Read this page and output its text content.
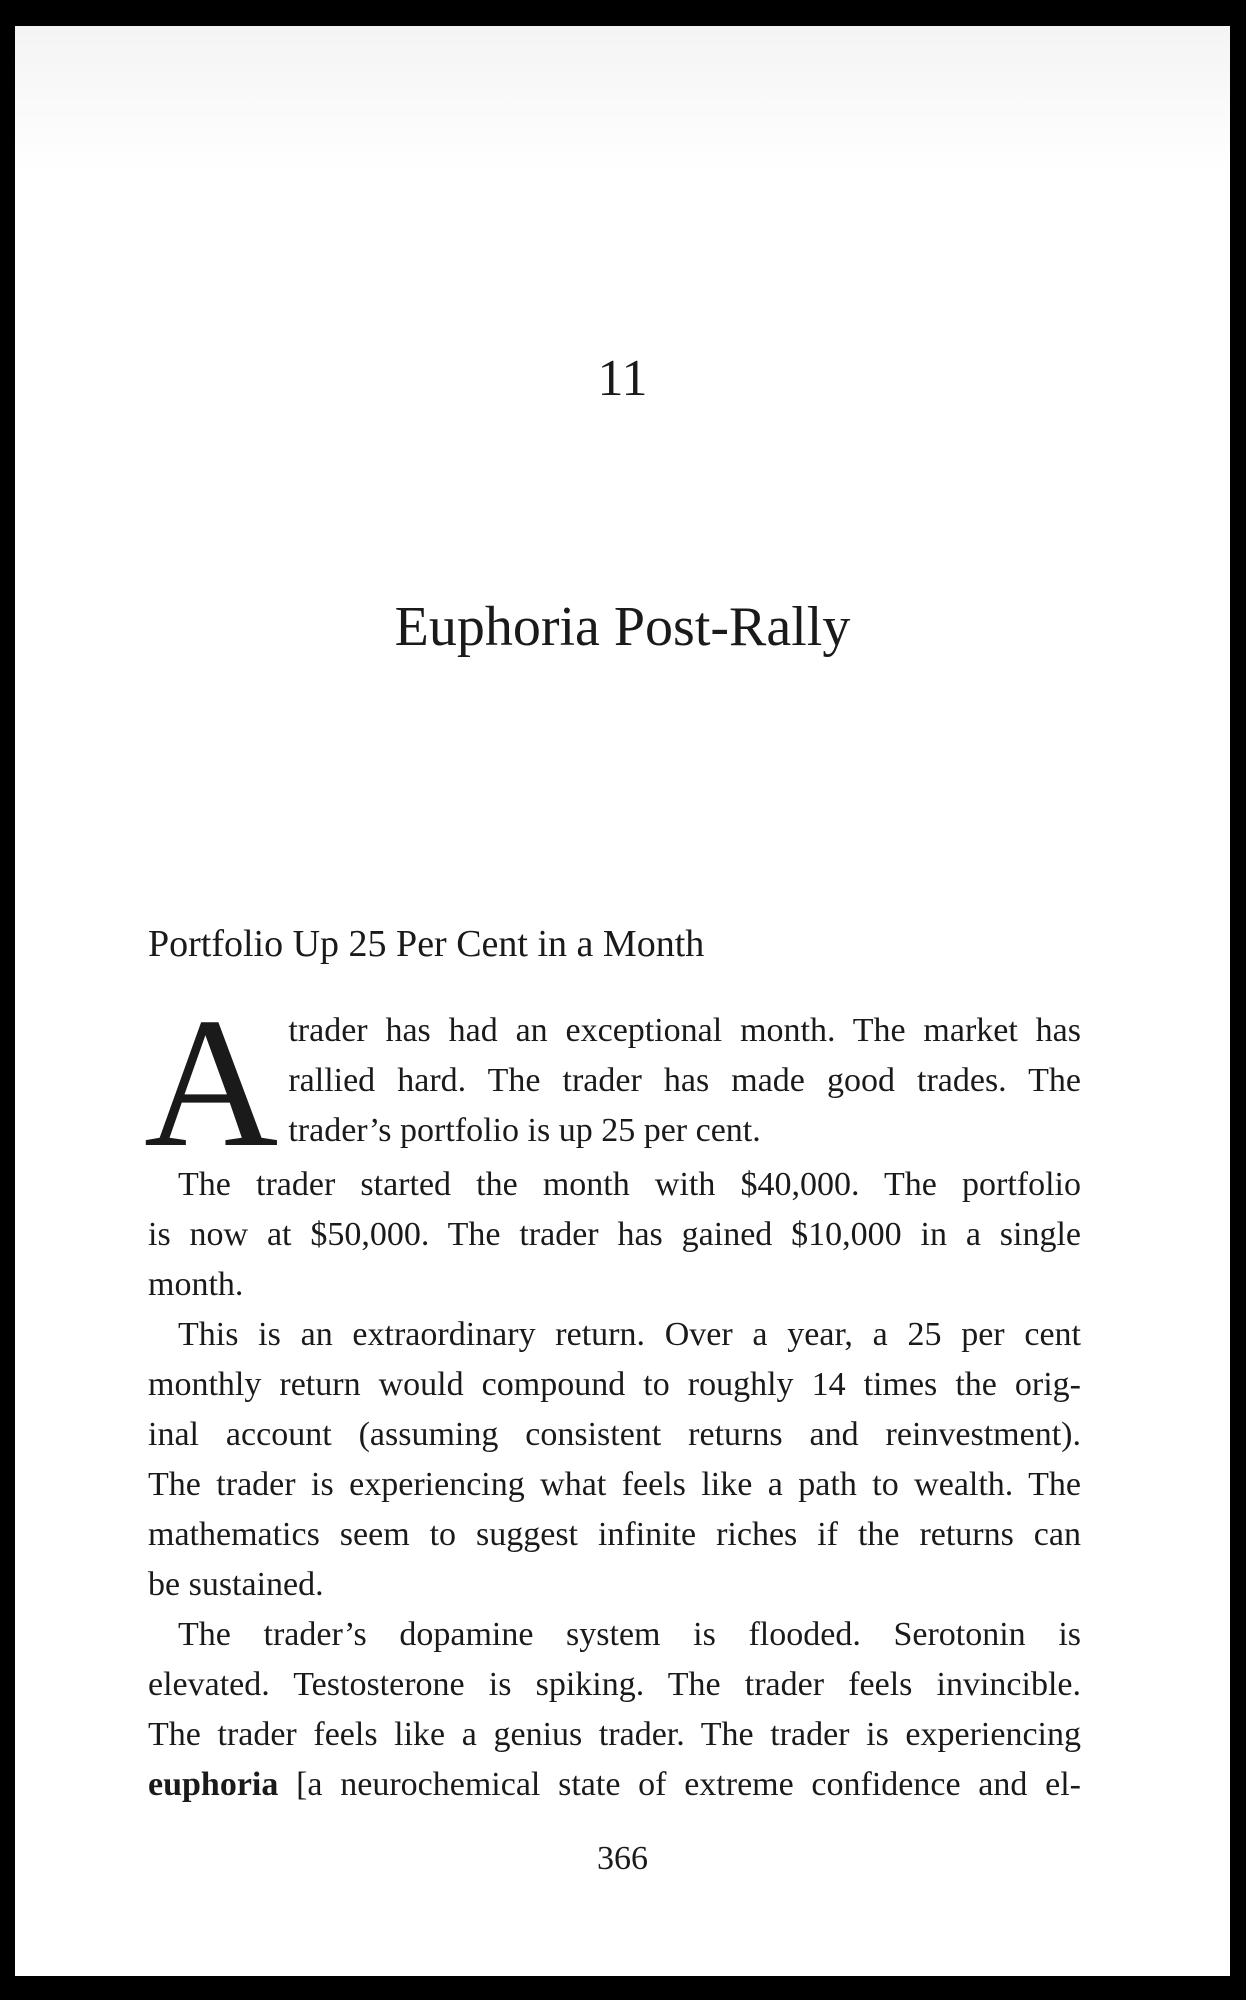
11
Euphoria Post-Rally
Portfolio Up 25 Per Cent in a Month
A trader has had an exceptional month. The market has
rallied hard. The trader has made good trades. The
trader’s portfolio is up 25 per cent.
The trader started the month with $40,000. The portfolio
is now at $50,000. The trader has gained $10,000 in a single
month.
This is an extraordinary return. Over a year, a 25 per cent
monthly return would compound to roughly 14 times the orig-
inal account (assuming consistent returns and reinvestment).
The trader is experiencing what feels like a path to wealth. The
mathematics seem to suggest infinite riches if the returns can
be sustained.
The trader’s dopamine system is flooded. Serotonin is
elevated. Testosterone is spiking. The trader feels invincible.
The trader feels like a genius trader. The trader is experiencing
euphoria [a neurochemical state of extreme confidence and el-
366
